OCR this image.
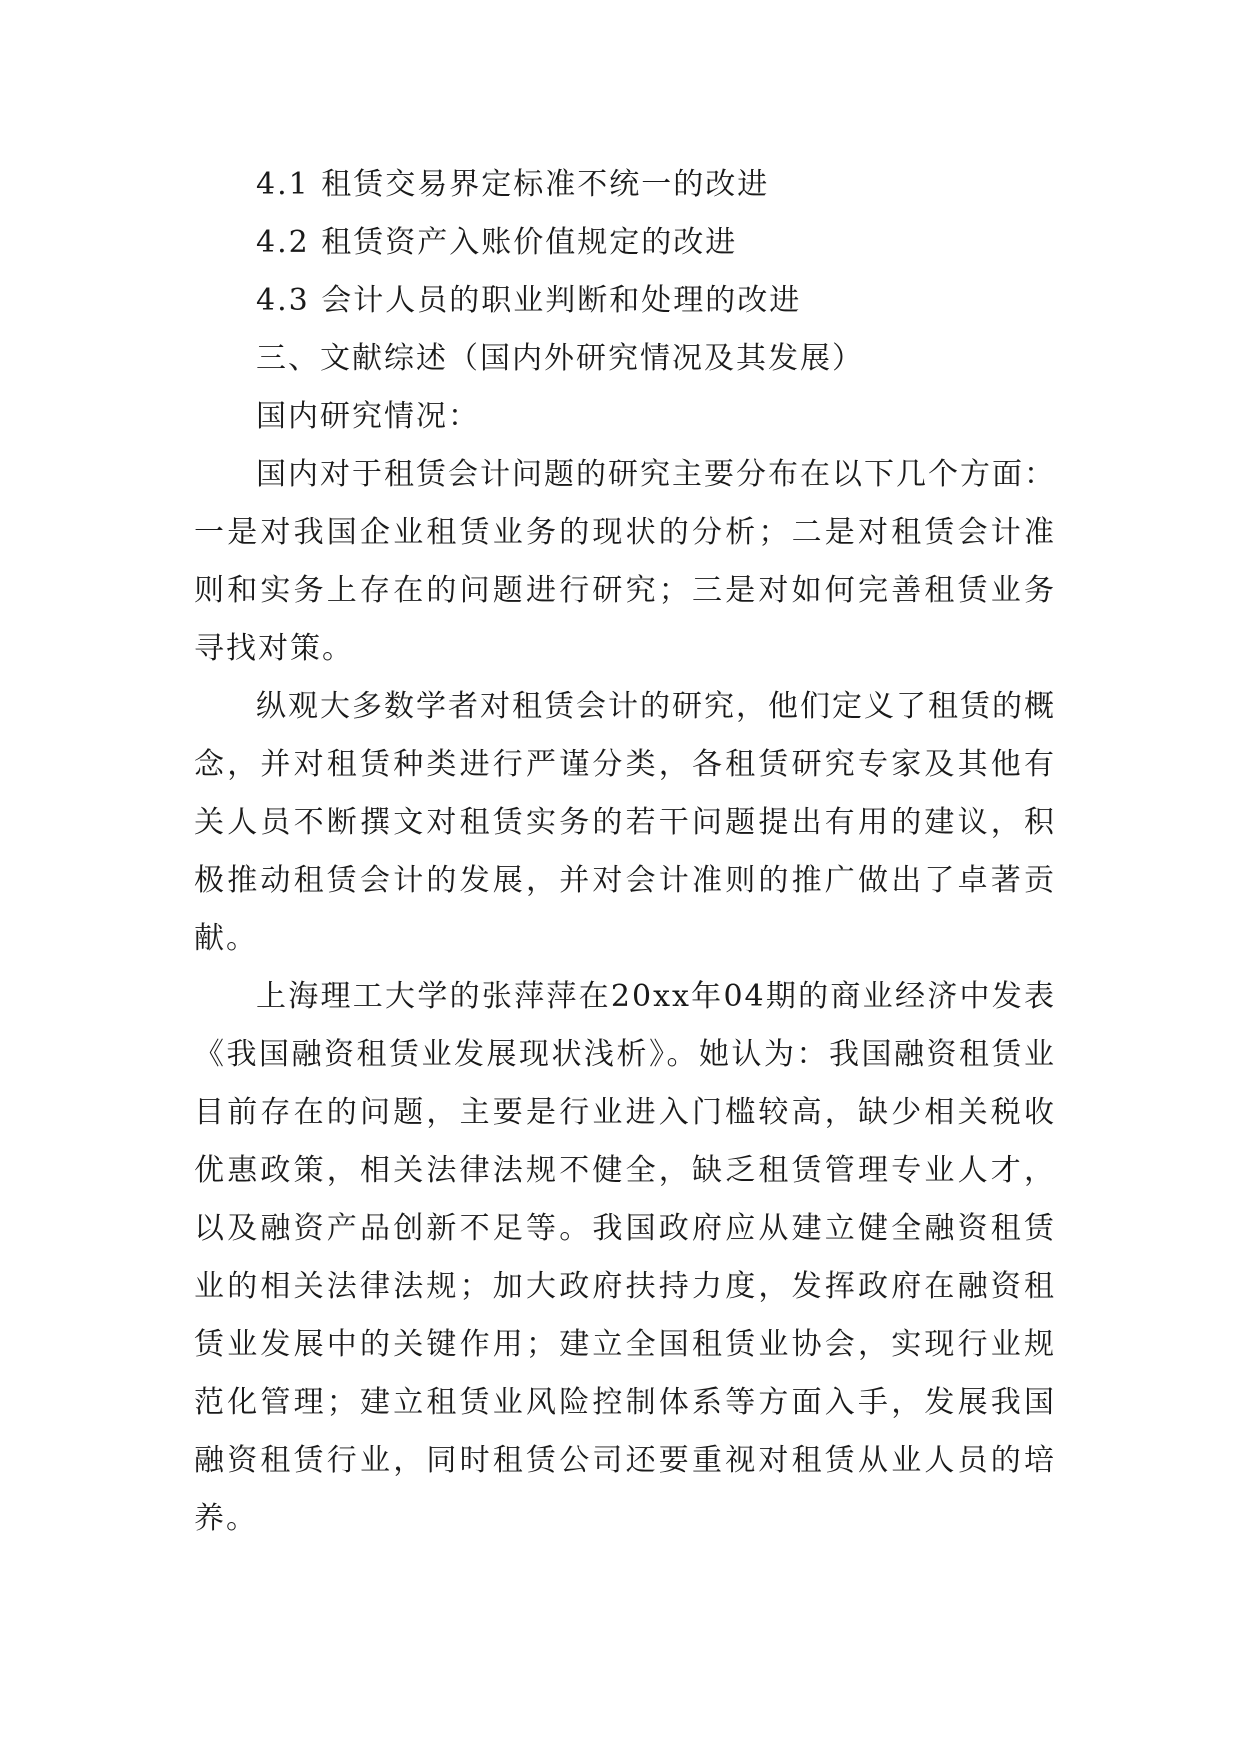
4.1 租赁交易界定标准不统一的改进

4.2 租赁资产入账价值规定的改进

4.3 会计人员的职业判断和处理的改进

三、文献综述（国内外研究情况及其发展）

国内研究情况：

国内对于租赁会计问题的研究主要分布在以下几个方面：一是对我国企业租赁业务的现状的分析；二是对租赁会计准则和实务上存在的问题进行研究；三是对如何完善租赁业务寻找对策。

纵观大多数学者对租赁会计的研究，他们定义了租赁的概念，并对租赁种类进行严谨分类，各租赁研究专家及其他有关人员不断撰文对租赁实务的若干问题提出有用的建议，积极推动租赁会计的发展，并对会计准则的推广做出了卓著贡献。

上海理工大学的张萍萍在20xx年04期的商业经济中发表《我国融资租赁业发展现状浅析》。她认为：我国融资租赁业目前存在的问题，主要是行业进入门槛较高，缺少相关税收优惠政策，相关法律法规不健全，缺乏租赁管理专业人才，以及融资产品创新不足等。我国政府应从建立健全融资租赁业的相关法律法规；加大政府扶持力度，发挥政府在融资租赁业发展中的关键作用；建立全国租赁业协会，实现行业规范化管理；建立租赁业风险控制体系等方面入手，发展我国融资租赁行业，同时租赁公司还要重视对租赁从业人员的培养。
